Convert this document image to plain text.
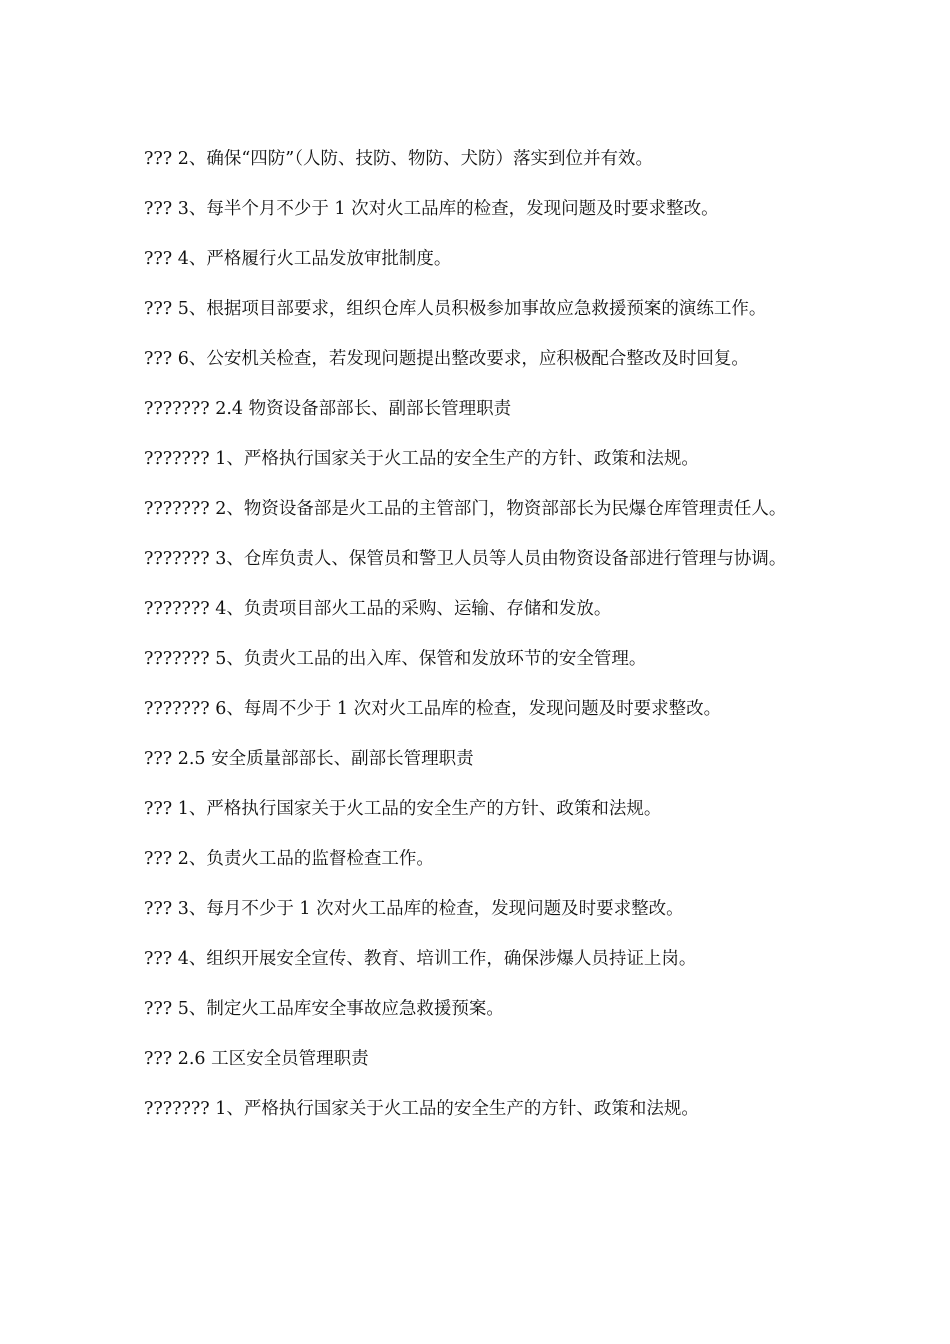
??? 2、确保“四防”（人防、技防、物防、犬防）落实到位并有效。

??? 3、每半个月不少于 1 次对火工品库的检查，发现问题及时要求整改。

??? 4、严格履行火工品发放审批制度。

??? 5、根据项目部要求，组织仓库人员积极参加事故应急救援预案的演练工作。

??? 6、公安机关检查，若发现问题提出整改要求，应积极配合整改及时回复。

??????? 2.4 物资设备部部长、副部长管理职责

??????? 1、严格执行国家关于火工品的安全生产的方针、政策和法规。

??????? 2、物资设备部是火工品的主管部门，物资部部长为民爆仓库管理责任人。

??????? 3、仓库负责人、保管员和警卫人员等人员由物资设备部进行管理与协调。

??????? 4、负责项目部火工品的采购、运输、存储和发放。

??????? 5、负责火工品的出入库、保管和发放环节的安全管理。

??????? 6、每周不少于 1 次对火工品库的检查，发现问题及时要求整改。

??? 2.5 安全质量部部长、副部长管理职责

??? 1、严格执行国家关于火工品的安全生产的方针、政策和法规。

??? 2、负责火工品的监督检查工作。

??? 3、每月不少于 1 次对火工品库的检查，发现问题及时要求整改。

??? 4、组织开展安全宣传、教育、培训工作，确保涉爆人员持证上岗。

??? 5、制定火工品库安全事故应急救援预案。

??? 2.6 工区安全员管理职责

??????? 1、严格执行国家关于火工品的安全生产的方针、政策和法规。
